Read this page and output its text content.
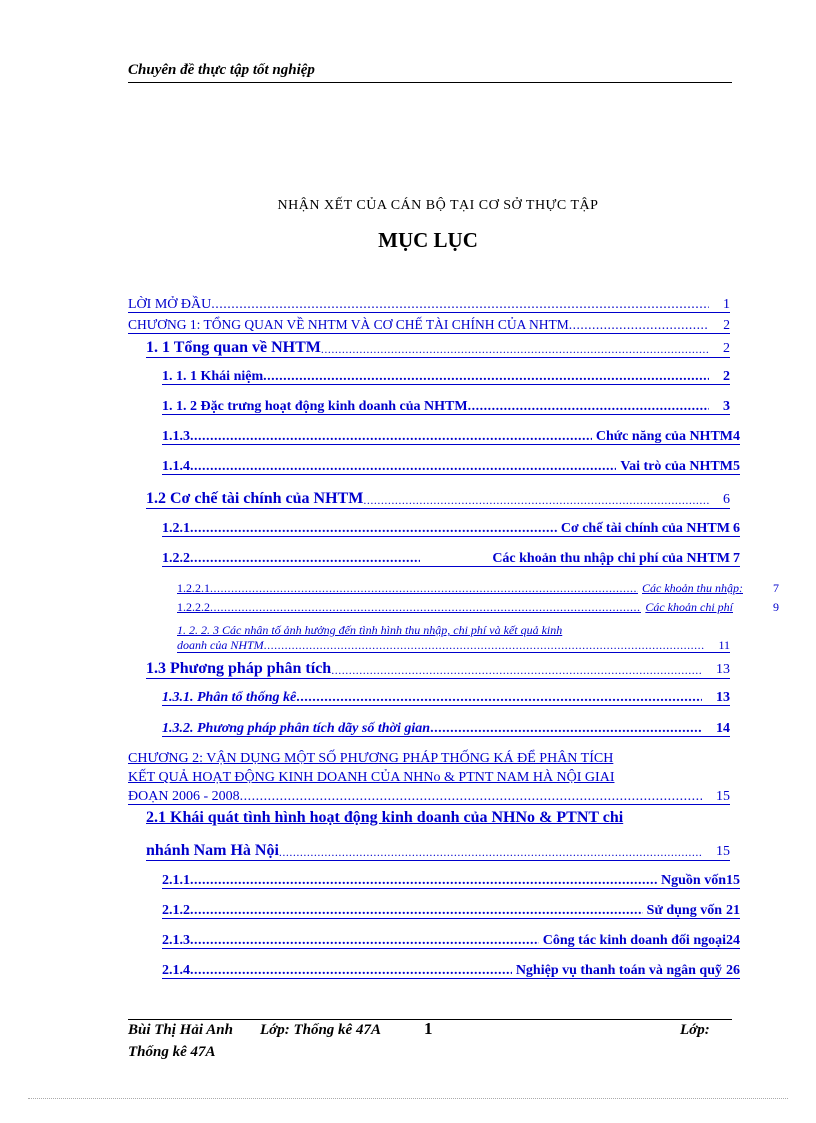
Chuyên đề thực tập tốt nghiệp
NHẬN XẾT CỦA CÁN BỘ TẠI CƠ SỞ THỰC TẬP
MỤC LỤC
LỜI MỞ ĐẦU .....	1
CHƯƠNG 1: TỔNG QUAN VỀ NHTM VÀ CƠ CHẾ TÀI CHÍNH CỦA NHTM .....	2
1. 1 Tổng quan về NHTM .....	2
1. 1. 1 Khái niệm .....	2
1. 1. 2 Đặc trưng hoạt động kinh doanh của NHTM .....	3
1.1.3 .....	Chức năng của NHTM 4
1.1.4 .....	Vai trò của NHTM 5
1.2 Cơ chế tài chính của NHTM .....	6
1.2.1 .....	Cơ chế tài chính của NHTM 6
1.2.2 .....	Các khoản thu nhập chi phí của NHTM 7
1.2.2.1 .....	Các khoản thu nhập:	7
1.2.2.2 .....	Các khoản chi phí	9
1. 2. 2. 3 Các nhân tố ảnh hưởng đến tình hình thu nhập, chi phí và kết quả kinh
doanh của NHTM .....	11
1.3 Phương pháp phân tích .....	13
1.3.1. Phân tổ thống kê .....	13
1.3.2. Phương pháp phân tích dãy số thời gian .....	14
CHƯƠNG 2: VẬN DỤNG MỘT SỐ PHƯƠNG PHÁP THỐNG KÁ ĐỂ PHÂN TÍCH
KẾT QUẢ HOẠT ĐỘNG KINH DOANH CỦA NHNo & PTNT NAM HÀ NỘI GIAI
ĐOẠN 2006 - 2008 .....	15
2.1 Khái quát tình hình hoạt động kinh doanh của NHNo & PTNT chi
nhánh Nam Hà Nội .....	15
2.1.1 .....	Nguồn vốn 15
2.1.2 .....	Sử dụng vốn 21
2.1.3 .....	Công tác kinh doanh đối ngoại 24
2.1.4 .....	Nghiệp vụ thanh toán và ngân quỹ 26
Bùi Thị Hải Anh Lớp: Thống kê 47A	1	Lớp:
Thống kê 47A
